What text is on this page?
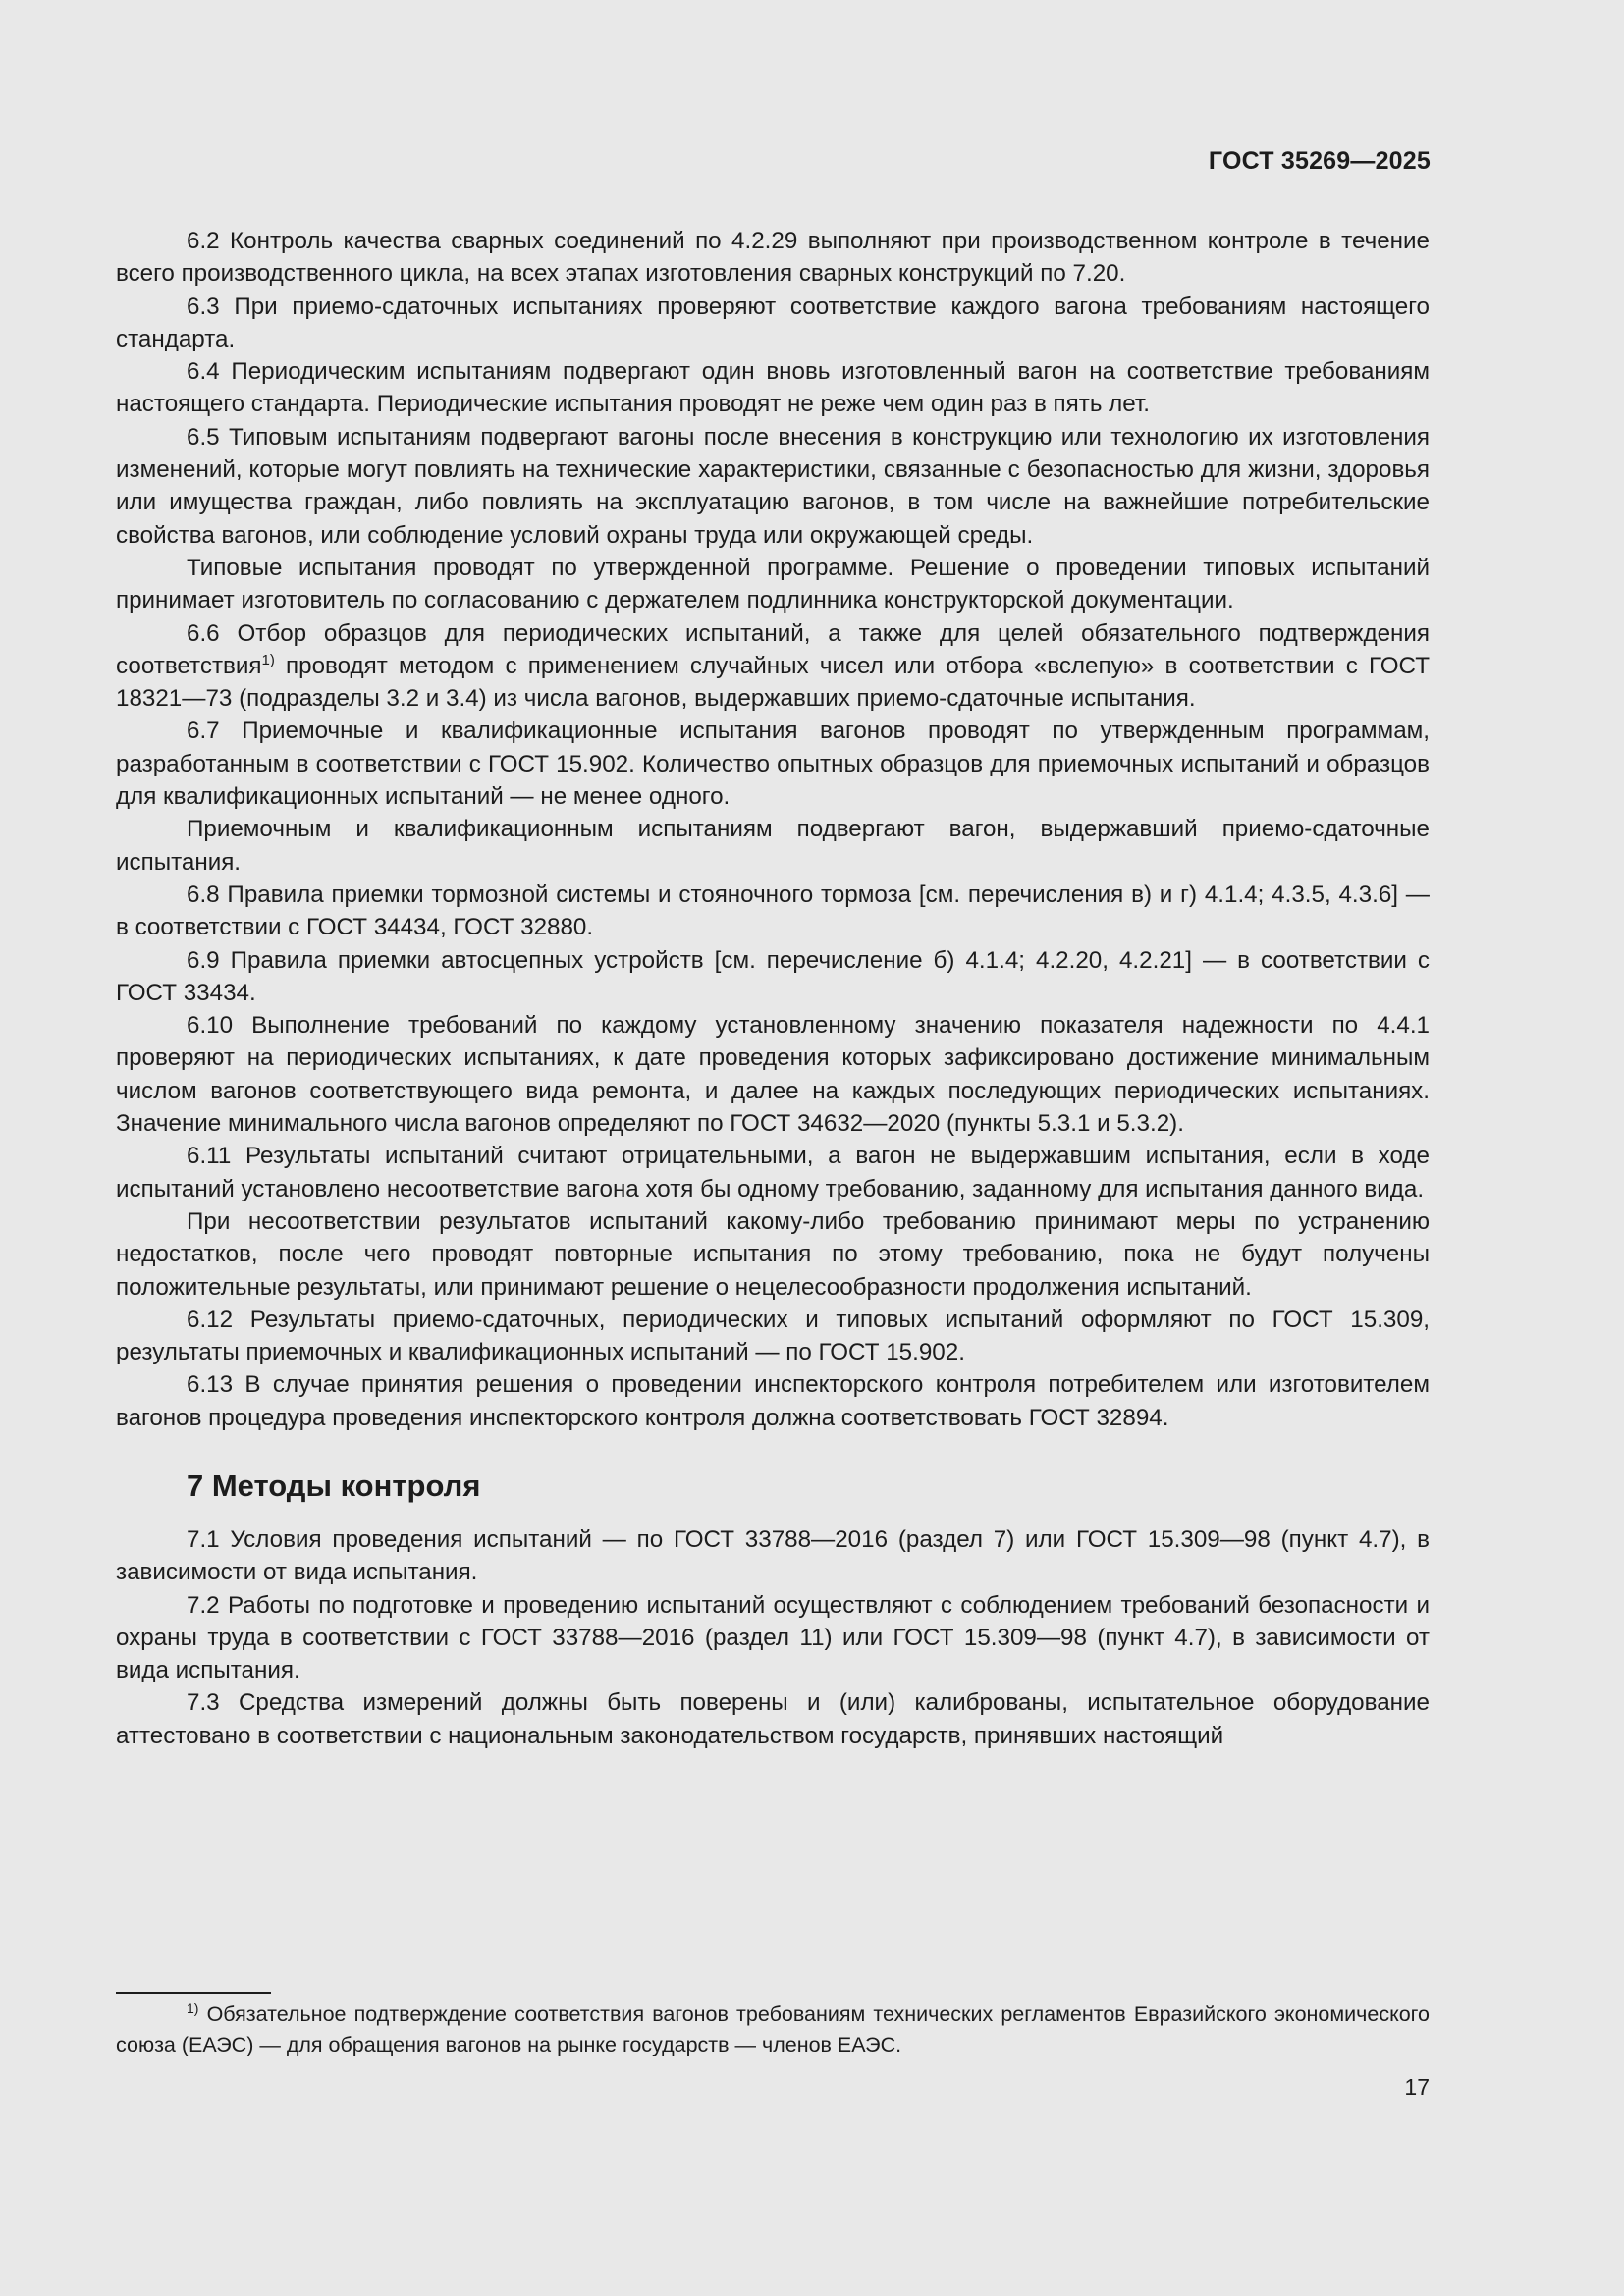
ГОСТ 35269—2025

6.2 Контроль качества сварных соединений по 4.2.29 выполняют при производственном контроле в течение всего производственного цикла, на всех этапах изготовления сварных конструкций по 7.20.

6.3 При приемо-сдаточных испытаниях проверяют соответствие каждого вагона требованиям настоящего стандарта.

6.4 Периодическим испытаниям подвергают один вновь изготовленный вагон на соответствие требованиям настоящего стандарта. Периодические испытания проводят не реже чем один раз в пять лет.

6.5 Типовым испытаниям подвергают вагоны после внесения в конструкцию или технологию их изготовления изменений, которые могут повлиять на технические характеристики, связанные с безопасностью для жизни, здоровья или имущества граждан, либо повлиять на эксплуатацию вагонов, в том числе на важнейшие потребительские свойства вагонов, или соблюдение условий охраны труда или окружающей среды.

Типовые испытания проводят по утвержденной программе. Решение о проведении типовых испытаний принимает изготовитель по согласованию с держателем подлинника конструкторской документации.

6.6 Отбор образцов для периодических испытаний, а также для целей обязательного подтверждения соответствия$^{1)}$ проводят методом с применением случайных чисел или отбора «вслепую» в соответствии с ГОСТ 18321—73 (подразделы 3.2 и 3.4) из числа вагонов, выдержавших приемо-сдаточные испытания.

6.7 Приемочные и квалификационные испытания вагонов проводят по утвержденным программам, разработанным в соответствии с ГОСТ 15.902. Количество опытных образцов для приемочных испытаний и образцов для квалификационных испытаний — не менее одного.

Приемочным и квалификационным испытаниям подвергают вагон, выдержавший приемо-сдаточные испытания.

6.8 Правила приемки тормозной системы и стояночного тормоза [см. перечисления в) и г) 4.1.4; 4.3.5, 4.3.6] — в соответствии с ГОСТ 34434, ГОСТ 32880.

6.9 Правила приемки автосцепных устройств [см. перечисление б) 4.1.4; 4.2.20, 4.2.21] — в соответствии с ГОСТ 33434.

6.10 Выполнение требований по каждому установленному значению показателя надежности по 4.4.1 проверяют на периодических испытаниях, к дате проведения которых зафиксировано достижение минимальным числом вагонов соответствующего вида ремонта, и далее на каждых последующих периодических испытаниях. Значение минимального числа вагонов определяют по ГОСТ 34632—2020 (пункты 5.3.1 и 5.3.2).

6.11 Результаты испытаний считают отрицательными, а вагон не выдержавшим испытания, если в ходе испытаний установлено несоответствие вагона хотя бы одному требованию, заданному для испытания данного вида.

При несоответствии результатов испытаний какому-либо требованию принимают меры по устранению недостатков, после чего проводят повторные испытания по этому требованию, пока не будут получены положительные результаты, или принимают решение о нецелесообразности продолжения испытаний.

6.12 Результаты приемо-сдаточных, периодических и типовых испытаний оформляют по ГОСТ 15.309, результаты приемочных и квалификационных испытаний — по ГОСТ 15.902.

6.13 В случае принятия решения о проведении инспекторского контроля потребителем или изготовителем вагонов процедура проведения инспекторского контроля должна соответствовать ГОСТ 32894.

7 Методы контроля

7.1 Условия проведения испытаний — по ГОСТ 33788—2016 (раздел 7) или ГОСТ 15.309—98 (пункт 4.7), в зависимости от вида испытания.

7.2 Работы по подготовке и проведению испытаний осуществляют с соблюдением требований безопасности и охраны труда в соответствии с ГОСТ 33788—2016 (раздел 11) или ГОСТ 15.309—98 (пункт 4.7), в зависимости от вида испытания.

7.3 Средства измерений должны быть поверены и (или) калиброваны, испытательное оборудование аттестовано в соответствии с национальным законодательством государств, принявших настоящий

$^{1)}$ Обязательное подтверждение соответствия вагонов требованиям технических регламентов Евразийского экономического союза (ЕАЭС) — для обращения вагонов на рынке государств — членов ЕАЭС.
17
